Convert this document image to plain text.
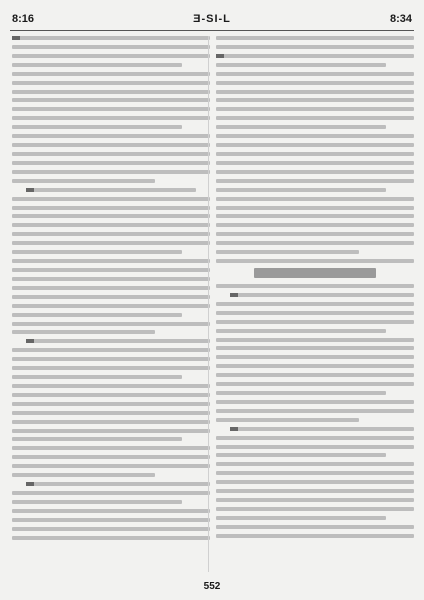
8:16	Ǝ-SƖ-L	8:34
552
